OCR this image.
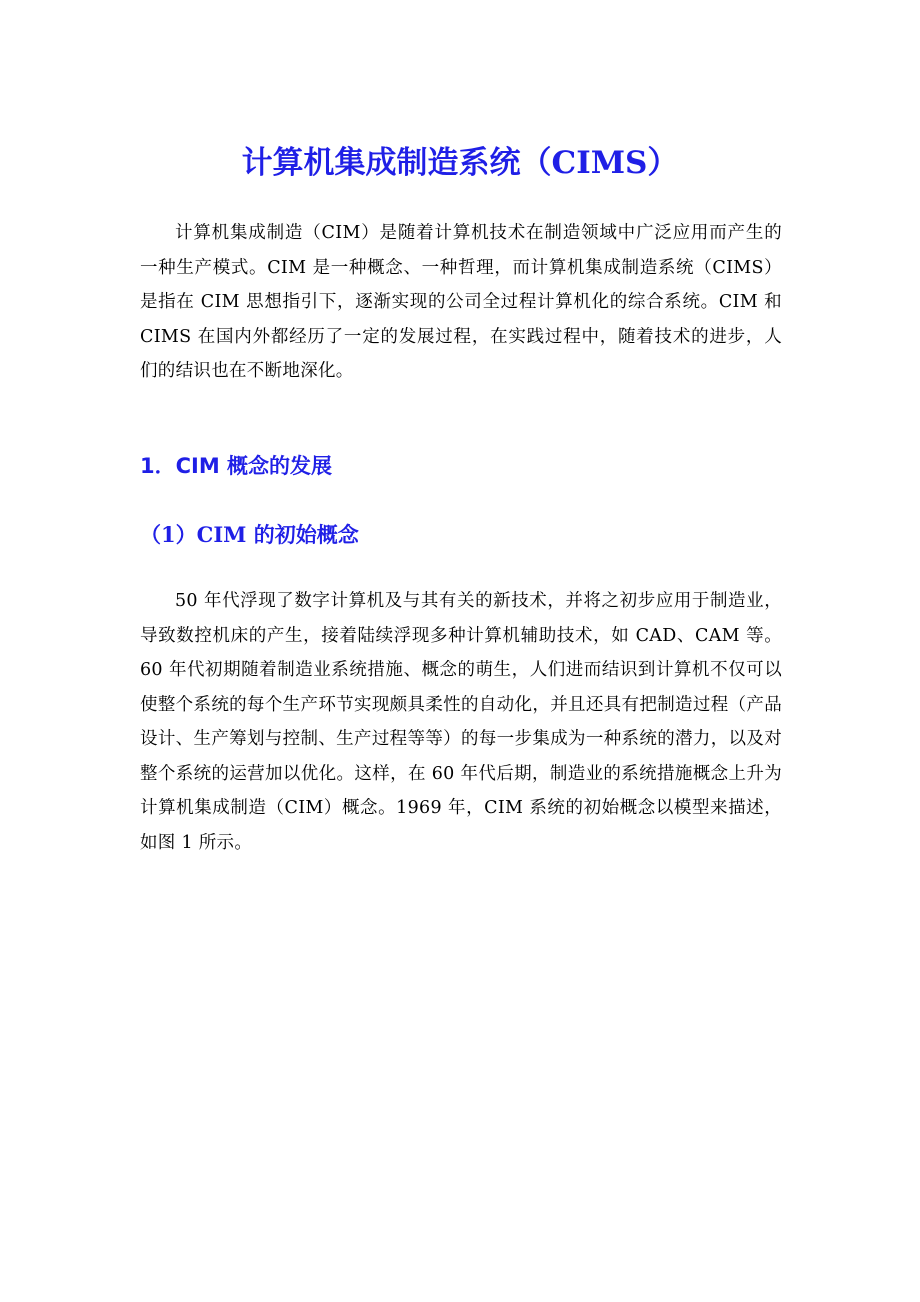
计算机集成制造系统（CIMS）

计算机集成制造（CIM）是随着计算机技术在制造领域中广泛应用而产生的一种生产模式。CIM 是一种概念、一种哲理，而计算机集成制造系统（CIMS）是指在 CIM 思想指引下，逐渐实现的公司全过程计算机化的综合系统。CIM 和 CIMS 在国内外都经历了一定的发展过程，在实践过程中，随着技术的进步，人们的结识也在不断地深化。

1．CIM 概念的发展
（1）CIM 的初始概念

50 年代浮现了数字计算机及与其有关的新技术，并将之初步应用于制造业，导致数控机床的产生，接着陆续浮现多种计算机辅助技术，如 CAD、CAM 等。60 年代初期随着制造业系统措施、概念的萌生，人们进而结识到计算机不仅可以使整个系统的每个生产环节实现颇具柔性的自动化，并且还具有把制造过程（产品设计、生产筹划与控制、生产过程等等）的每一步集成为一种系统的潜力，以及对整个系统的运营加以优化。这样，在 60 年代后期，制造业的系统措施概念上升为计算机集成制造（CIM）概念。1969 年，CIM 系统的初始概念以模型来描述，如图 1 所示。
